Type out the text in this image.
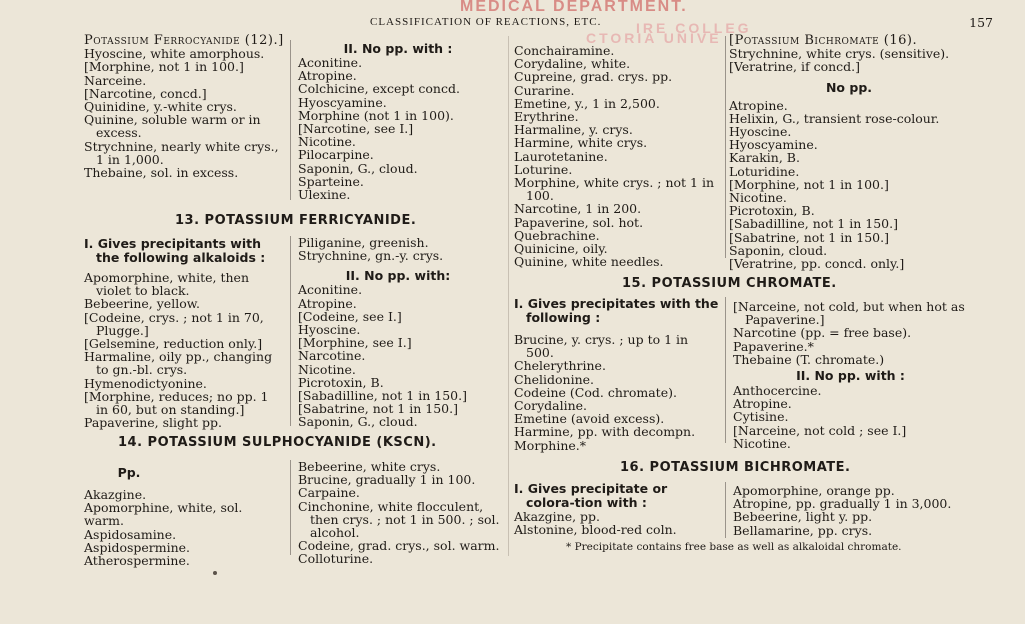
MEDICAL DEPARTMENT.
CLASSIFICATION OF REACTIONS, ETC.	157
CTORIA UNIVE
IRE COLLEG

Potassium Ferrocyanide (12).]

Hyoscine, white amorphous.

[Morphine, not 1 in 100.]

Narceine.

[Narcotine, concd.]

Quinidine, y.-white crys.

Quinine, soluble warm or in excess.

Strychnine, nearly white crys., 1 in 1,000.

Thebaine, sol. in excess.

II. No pp. with :

Aconitine.

Atropine.

Colchicine, except concd.

Hyoscyamine.

Morphine (not 1 in 100).

[Narcotine, see I.]

Nicotine.

Pilocarpine.

Saponin, G., cloud.

Sparteine.

Ulexine.

13. POTASSIUM FERRICYANIDE.

I. Gives precipitants with the following alkaloids :

Apomorphine, white, then violet to black.

Bebeerine, yellow.

[Codeine, crys. ; not 1 in 70, Plugge.]

[Gelsemine, reduction only.]

Harmaline, oily pp., changing to gn.-bl. crys.

Hymenodictyonine.

[Morphine, reduces; no pp. 1 in 60, but on standing.]

Papaverine, slight pp.

Piliganine, greenish.

Strychnine, gn.-y. crys.

II. No pp. with:

Aconitine.

Atropine.

[Codeine, see I.]

Hyoscine.

[Morphine, see I.]

Narcotine.

Nicotine.

Picrotoxin, B.

[Sabadilline, not 1 in 150.]

[Sabatrine, not 1 in 150.]

Saponin, G., cloud.

14. POTASSIUM SULPHOCYANIDE (KSCN).

Pp.

Akazgine.

Apomorphine, white, sol. warm.

Aspidosamine.

Aspidospermine.

Atherospermine.

Bebeerine, white crys.

Brucine, gradually 1 in 100.

Carpaine.

Cinchonine, white flocculent, then crys. ; not 1 in 500. ; sol. alcohol.

Codeine, grad. crys., sol. warm.

Colloturine.

Conchairamine.

Corydaline, white.

Cupreine, grad. crys. pp.

Curarine.

Emetine, y., 1 in 2,500.

Erythrine.

Harmaline, y. crys.

Harmine, white crys.

Laurotetanine.

Loturine.

Morphine, white crys. ; not 1 in 100.

Narcotine, 1 in 200.

Papaverine, sol. hot.

Quebrachine.

Quinicine, oily.

Quinine, white needles.

[Potassium Bichromate (16).

Strychnine, white crys. (sensitive).

[Veratrine, if concd.]

No pp.

Atropine.

Helixin, G., transient rose-colour.

Hyoscine.

Hyoscyamine.

Karakin, B.

Loturidine.

[Morphine, not 1 in 100.]

Nicotine.

Picrotoxin, B.

[Sabadilline, not 1 in 150.]

[Sabatrine, not 1 in 150.]

Saponin, cloud.

[Veratrine, pp. concd. only.]

15. POTASSIUM CHROMATE.

I. Gives precipitates with the following :

Brucine, y. crys. ; up to 1 in 500.

Chelerythrine.

Chelidonine.

Codeine (Cod. chromate).

Corydaline.

Emetine (avoid excess).

Harmine, pp. with decompn.

Morphine.*

[Narceine, not cold, but when hot as Papaverine.]

Narcotine (pp. = free base).

Papaverine.*

Thebaine (T. chromate.)

II. No pp. with :

Anthocercine.

Atropine.

Cytisine.

[Narceine, not cold ; see I.]

Nicotine.

16. POTASSIUM BICHROMATE.

I. Gives precipitate or colora-tion with :

Akazgine, pp.

Alstonine, blood-red coln.

Apomorphine, orange pp.

Atropine, pp. gradually 1 in 3,000.

Bebeerine, light y. pp.

Bellamarine, pp. crys.

* Precipitate contains free base as well as alkaloidal chromate.
